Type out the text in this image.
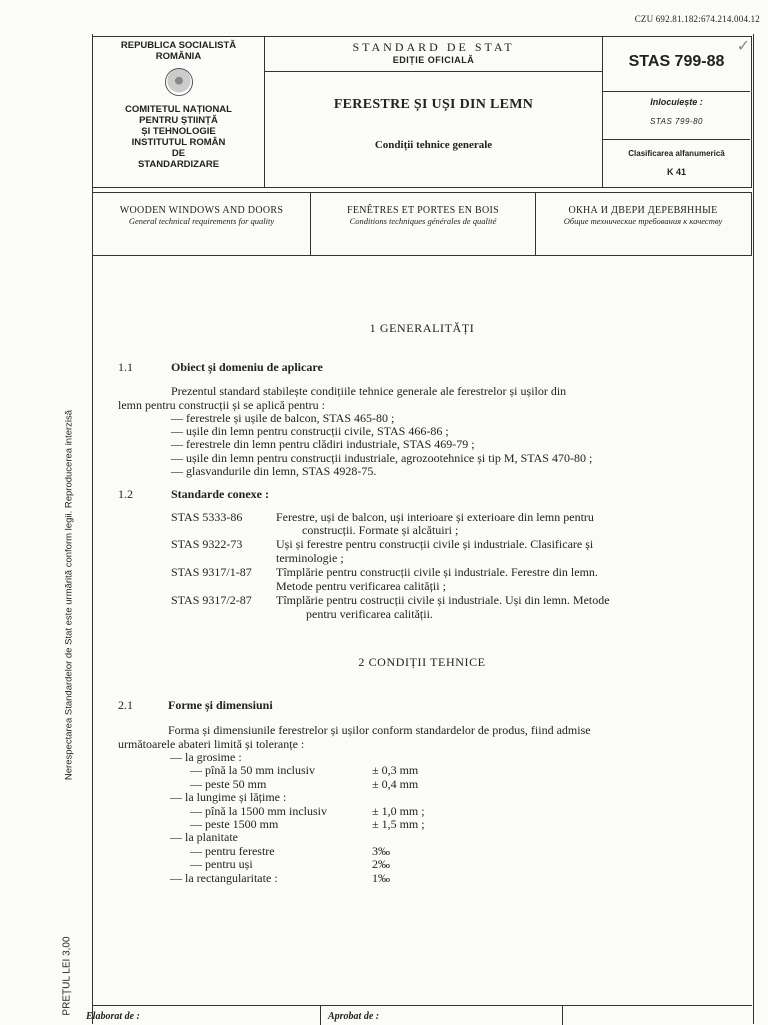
CZU 692.81.182:674.214.004.12
✓
REPUBLICA SOCIALISTĂ
ROMÂNIA
COMITETUL NAȚIONAL
PENTRU ȘTIINȚĂ
ȘI TEHNOLOGIE
INSTITUTUL ROMÂN
DE
STANDARDIZARE
STANDARD DE STAT
EDIȚIE OFICIALĂ
FERESTRE ȘI UȘI DIN LEMN
Condiții tehnice generale
STAS 799-88
Inlocuiește :
STAS 799-80
Clasificarea alfanumerică
K 41
WOODEN WINDOWS AND DOORS
General technical requirements for quality
FENÊTRES ET PORTES EN BOIS
Conditions techniques générales de qualité
ОКНА И ДВЕРИ ДЕРЕВЯННЫЕ
Общие технические требования к качеству
1 GENERALITĂȚI
1.1	Obiect și domeniu de aplicare
Prezentul standard stabilește condițiile tehnice generale ale ferestrelor și ușilor din
lemn pentru construcții și se aplică pentru :
— ferestrele și ușile de balcon, STAS 465-80 ;
— ușile din lemn pentru construcții civile, STAS 466-86 ;
— ferestrele din lemn pentru clădiri industriale, STAS 469-79 ;
— ușile din lemn pentru construcții industriale, agrozootehnice și tip M, STAS 470-80 ;
— glasvandurile din lemn, STAS 4928-75.
1.2	Standarde conexe :
STAS 5333-86	Ferestre, uși de balcon, uși interioare și exterioare din lemn pentru
construcții. Formate și alcătuiri ;
STAS 9322-73	Uși și ferestre pentru construcții civile și industriale. Clasificare și
terminologie ;
STAS 9317/1-87 Tîmplărie pentru construcții civile și industriale. Ferestre din lemn.
Metode pentru verificarea calității ;
STAS 9317/2-87 Tîmplărie pentru costrucții civile și industriale. Uși din lemn. Metode
pentru verificarea calității.
2 CONDIȚII TEHNICE
2.1	Forme și dimensiuni
Forma și dimensiunile ferestrelor și ușilor conform standardelor de produs, fiind admise
următoarele abateri limită și toleranțe :
— la grosime :
— pînă la 50 mm inclusiv	± 0,3 mm
— peste 50 mm	± 0,4 mm
— la lungime și lățime :
— pînă la 1500 mm inclusiv	± 1,0 mm ;
— peste 1500 mm	± 1,5 mm ;
— la planitate
— pentru ferestre	3‰
— pentru uși	2‰
— la rectangularitate :	1‰
Nerespectarea Standardelor de Stat este urmărită conform legii. Reproducerea interzisă
PREȚUL LEI 3,00
Elaborat de :	Aprobat de :
